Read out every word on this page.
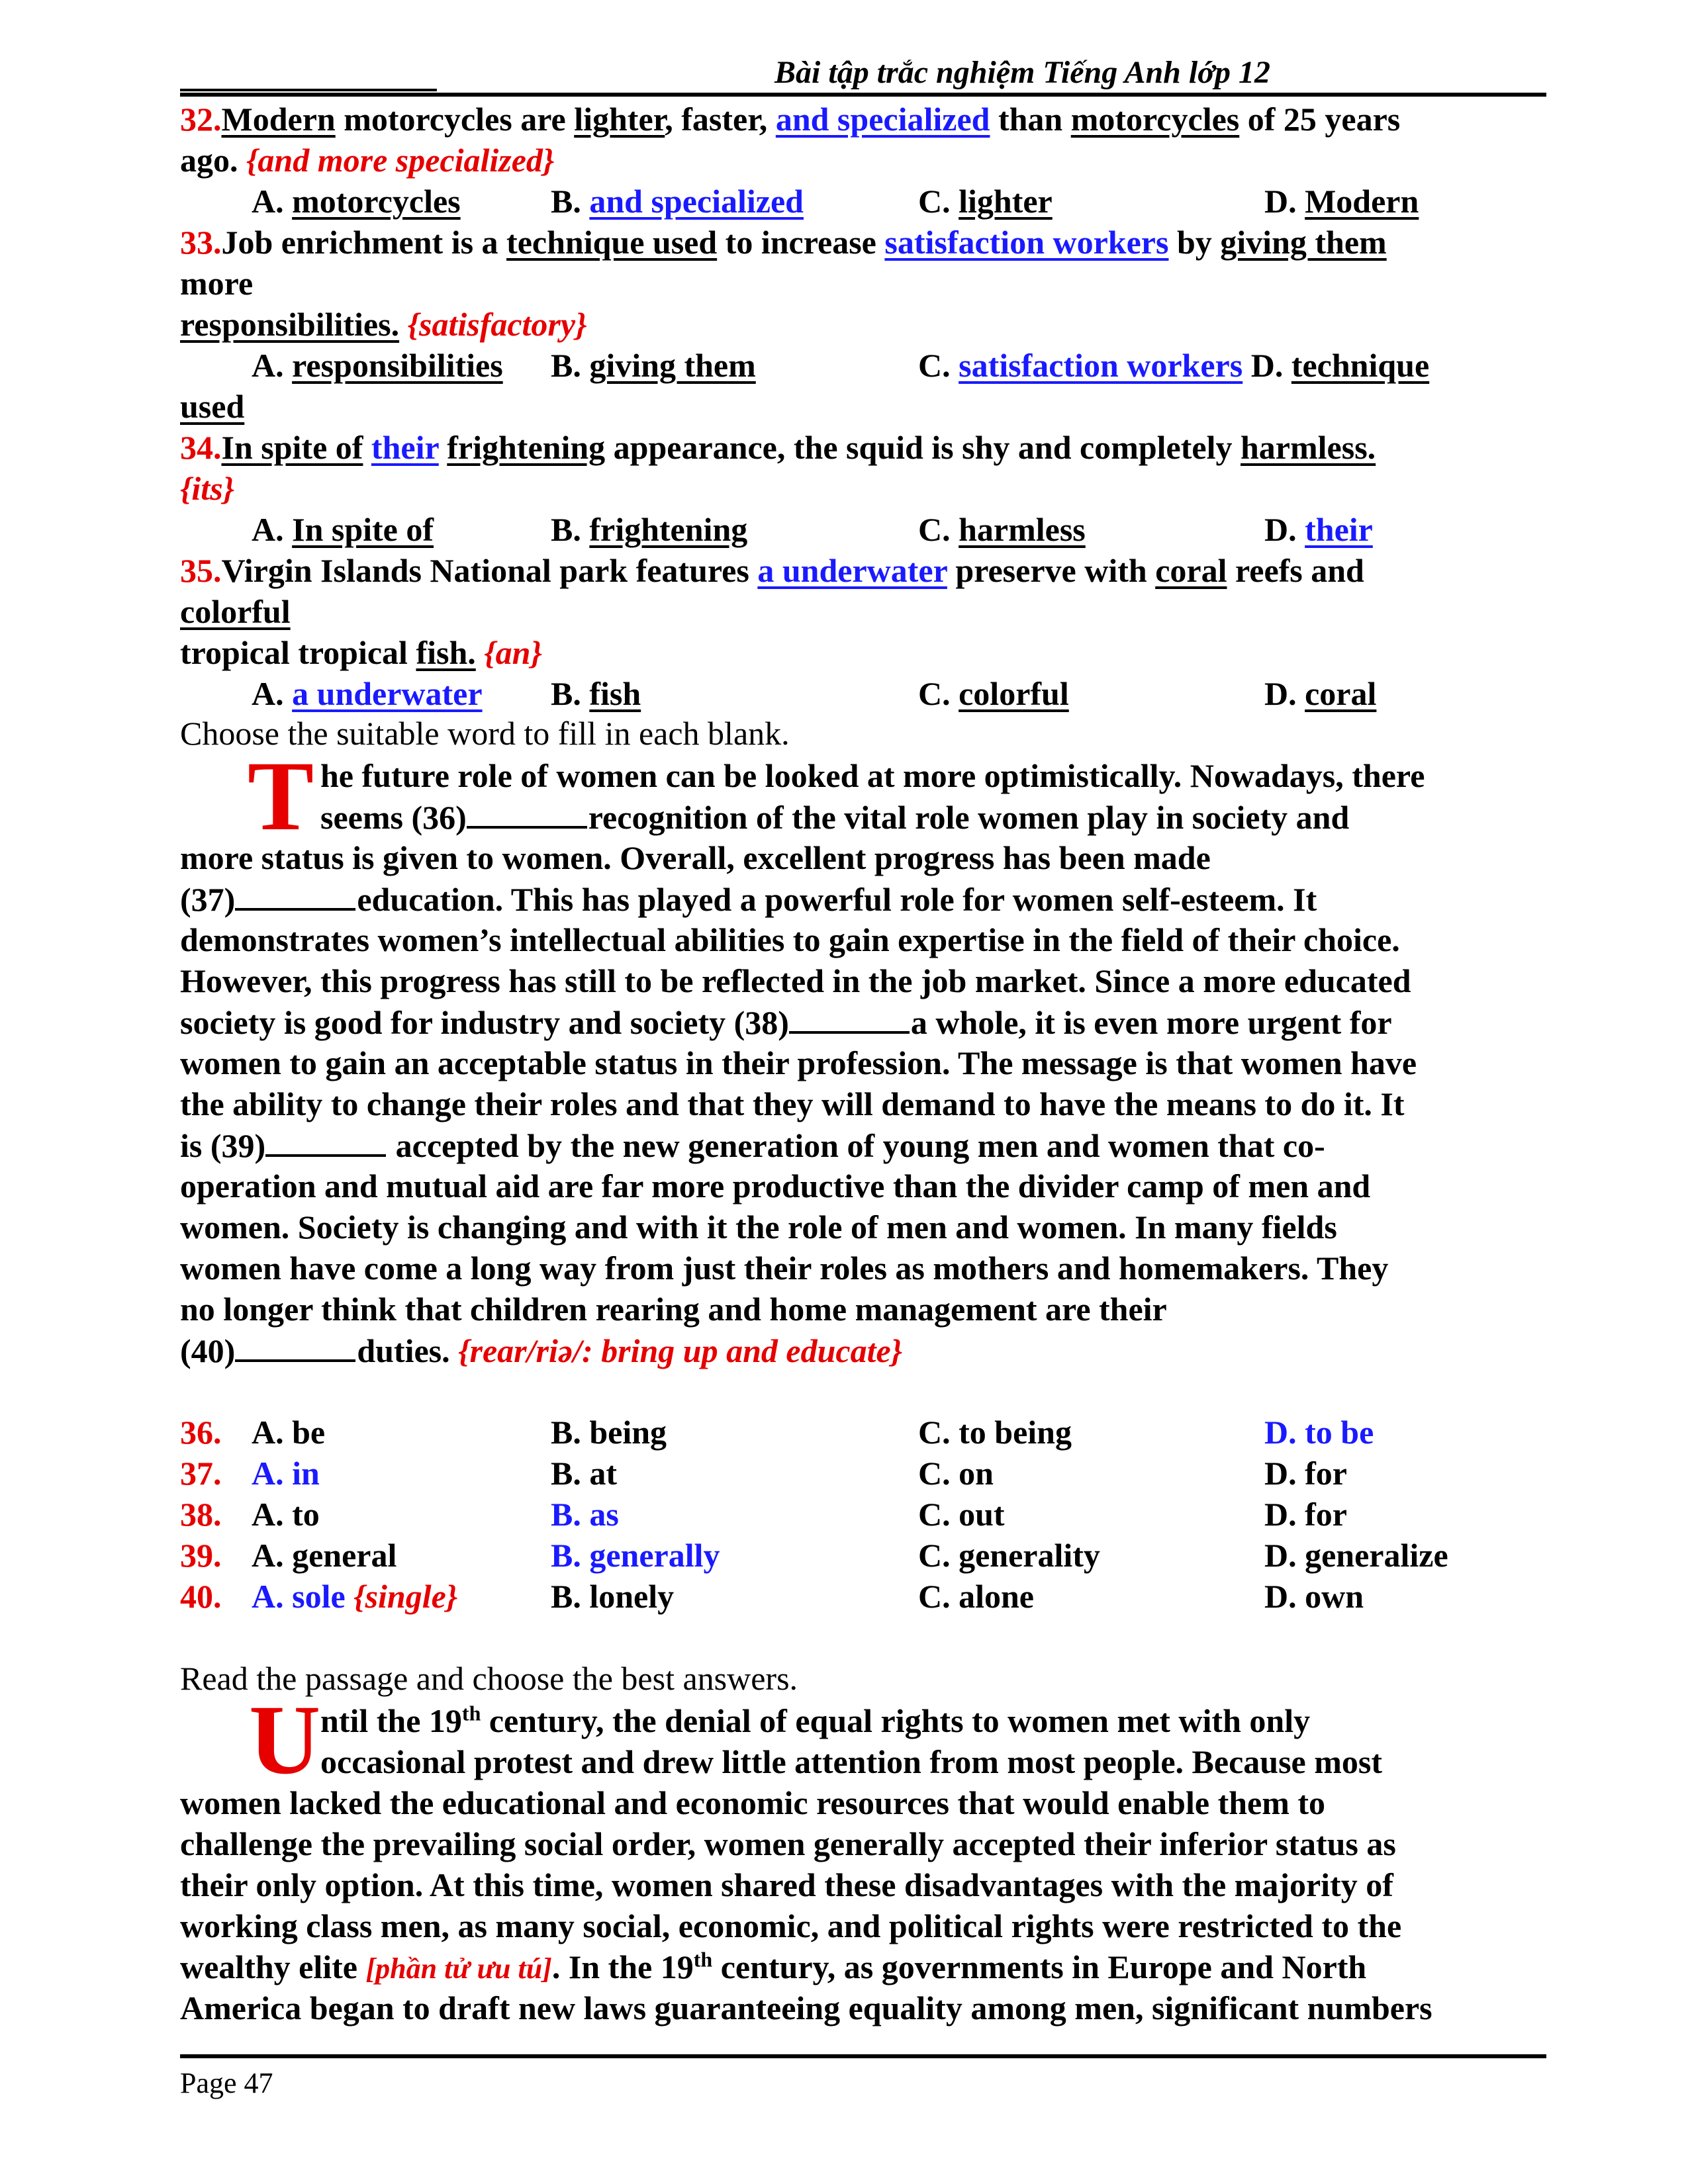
Bài tập trắc nghiệm Tiếng Anh lớp 12
32.Modern motorcycles are lighter, faster, and specialized than motorcycles of 25 years
ago. {and more specialized}
A. motorcycles	B. and specialized	C. lighter	D. Modern
33.Job enrichment is a technique used to increase satisfaction workers by giving them
more
responsibilities. {satisfactory}
A. responsibilities B. giving them	C. satisfaction workers D. technique
used
34.In spite of their frightening appearance, the squid is shy and completely harmless.
{its}
A. In spite of	B. frightening	C. harmless	D. their
35.Virgin Islands National park features a underwater preserve with coral reefs and
colorful
tropical tropical fish. {an}
A. a underwater B. fish	C. colorful	D. coral
Choose the suitable word to fill in each blank.
T he future role of women can be looked at more optimistically. Nowadays, there
seems (36)	recognition of the vital role women play in society and
more status is given to women. Overall, excellent progress has been made
(37)	education. This has played a powerful role for women self-esteem. It
demonstrates women’s intellectual abilities to gain expertise in the field of their choice.
However, this progress has still to be reflected in the job market. Since a more educated
society is good for industry and society (38)	a whole, it is even more urgent for
women to gain an acceptable status in their profession. The message is that women have
the ability to change their roles and that they will demand to have the means to do it. It
is (39)	accepted by the new generation of young men and women that co-
operation and mutual aid are far more productive than the divider camp of men and
women. Society is changing and with it the role of men and women. In many fields
women have come a long way from just their roles as mothers and homemakers. They
no longer think that children rearing and home management are their
(40)	duties. {rear/riə/: bring up and educate}
36. A. be	B. being	C. to being	D. to be
37. A. in	B. at	C. on	D. for
38. A. to	B. as	C. out	D. for
39. A. general	B. generally	C. generality	D. generalize
40. A. sole {single}	B. lonely	C. alone	D. own
Read the passage and choose the best answers.
U ntil the 19th century, the denial of equal rights to women met with only
occasional protest and drew little attention from most people. Because most
women lacked the educational and economic resources that would enable them to
challenge the prevailing social order, women generally accepted their inferior status as
their only option. At this time, women shared these disadvantages with the majority of
working class men, as many social, economic, and political rights were restricted to the
wealthy elite [phần tử ưu tú]. In the 19th century, as governments in Europe and North
America began to draft new laws guaranteeing equality among men, significant numbers
Page 47
